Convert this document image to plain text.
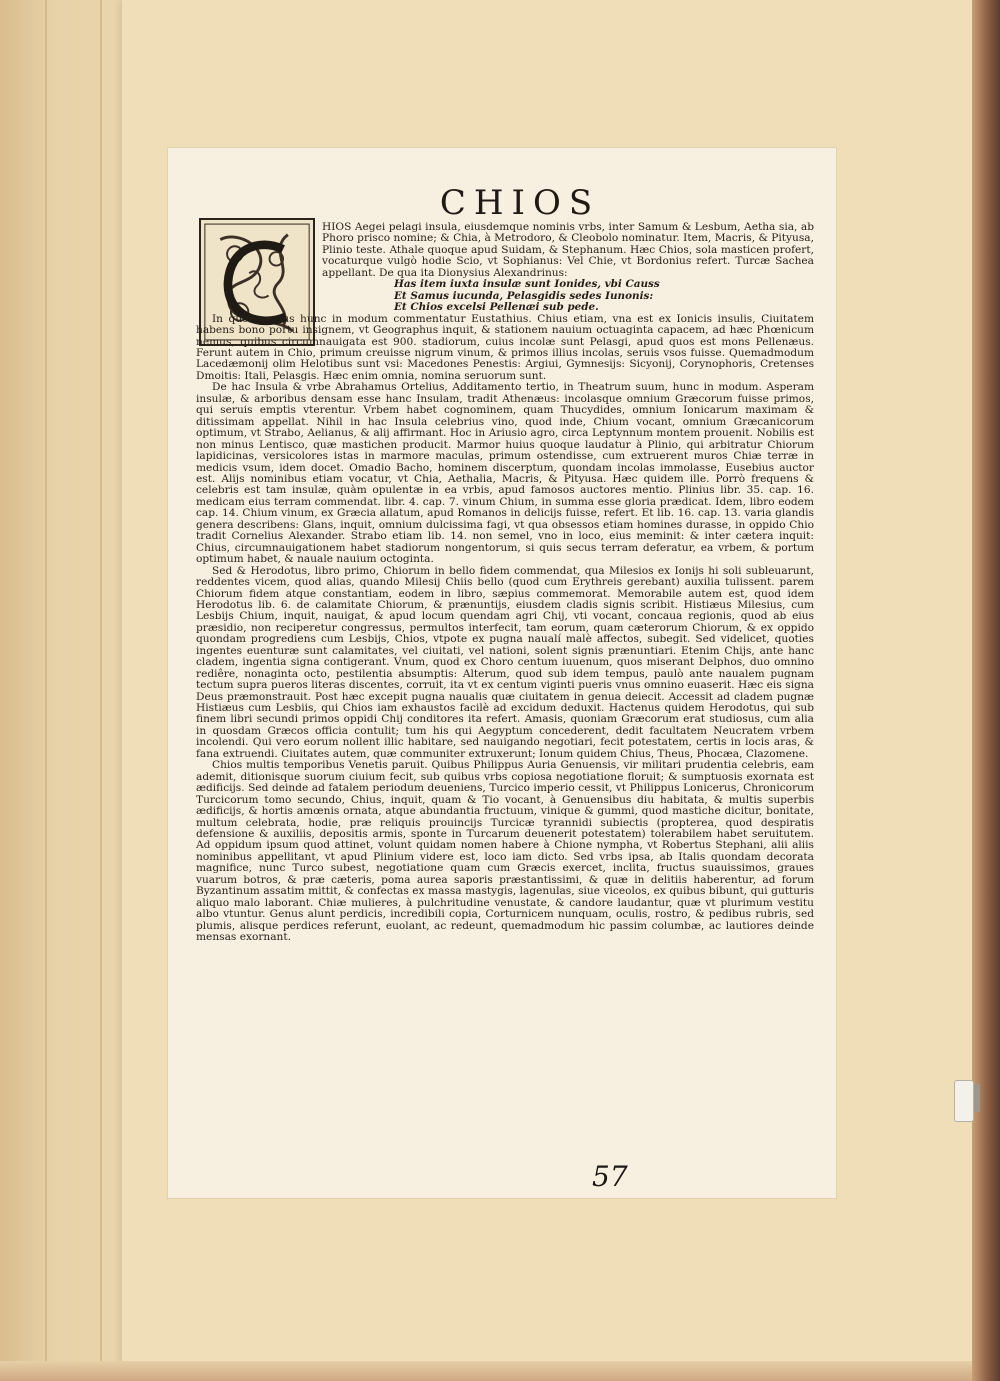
CHIOS

HIOS Aegei pelagi insula, eiusdemque nominis vrbs, inter Samum & Lesbum, Aetha sia, ab Phoro prisco nomine; & Chia, à Metrodoro, & Cleobolo nominatur. Item, Macris, & Pityusa, Plinio teste. Athale quoque apud Suidam, & Stephanum. Hæc Chios, sola masticen profert, vocaturque vulgò hodie Scio, vt Sophianus: Vel Chie, vt Bordonius refert. Turcæ Sachea appellant. De qua ita Dionysius Alexandrinus:

Has item iuxta insulæ sunt Ionides, vbi Causs

Et Samus iucunda, Pelasgidis sedes Iunonis:

Et Chios excelsi Pellenæi sub pede.

In quos versus hunc in modum commentatur Eustathius. Chius etiam, vna est ex Ionicis insulis, Ciuitatem habens bono portu insignem, vt Geographus inquit, & stationem nauium octuaginta capacem, ad hæc Phœnicum nemus, quibus circumnauigata est 900. stadiorum, cuius incolæ sunt Pelasgi, apud quos est mons Pellenæus. Ferunt autem in Chio, primum creuisse nigrum vinum, & primos illius incolas, seruis vsos fuisse. Quemadmodum Lacedæmonij olim Helotibus sunt vsi: Macedones Penestis: Argiui, Gymnesijs: Sicyonij, Corynophoris, Cretenses Dmoitis: Itali, Pelasgis. Hæc enim omnia, nomina seruorum sunt.

De hac Insula & vrbe Abrahamus Ortelius, Additamento tertio, in Theatrum suum, hunc in modum. Asperam insulæ, & arboribus densam esse hanc Insulam, tradit Athenæus: incolasque omnium Græcorum fuisse primos, qui seruis emptis vterentur. Vrbem habet cognominem, quam Thucydides, omnium Ionicarum maximam & ditissimam appellat. Nihil in hac Insula celebrius vino, quod inde, Chium vocant, omnium Græcanicorum optimum, vt Strabo, Aelianus, & alij affirmant. Hoc in Ariusio agro, circa Leptynnum montem prouenit. Nobilis est non minus Lentisco, quæ mastichen producit. Marmor huius quoque laudatur à Plinio, qui arbitratur Chiorum lapidicinas, versicolores istas in marmore maculas, primum ostendisse, cum extruerent muros Chiæ terræ in medicis vsum, idem docet. Omadio Bacho, hominem discerptum, quondam incolas immolasse, Eusebius auctor est. Alijs nominibus etiam vocatur, vt Chia, Aethalia, Macris, & Pityusa. Hæc quidem ille. Porrò frequens & celebris est tam insulæ, quàm opulentæ in ea vrbis, apud famosos auctores mentio. Plinius libr. 35. cap. 16. medicam eius terram commendat. libr. 4. cap. 7. vinum Chium, in summa esse gloria prædicat. Idem, libro eodem cap. 14. Chium vinum, ex Græcia allatum, apud Romanos in delicijs fuisse, refert. Et lib. 16. cap. 13. varia glandis genera describens: Glans, inquit, omnium dulcissima fagi, vt qua obsessos etiam homines durasse, in oppido Chio tradit Cornelius Alexander. Strabo etiam lib. 14. non semel, vno in loco, eius meminit: & inter cætera inquit: Chius, circumnauigationem habet stadiorum nongentorum, si quis secus terram deferatur, ea vrbem, & portum optimum habet, & nauale nauium octoginta.

Sed & Herodotus, libro primo, Chiorum in bello fidem commendat, qua Milesios ex Ionijs hi soli subleuarunt, reddentes vicem, quod alias, quando Milesij Chiis bello (quod cum Erythreis gerebant) auxilia tulissent. parem Chiorum fidem atque constantiam, eodem in libro, sæpius commemorat. Memorabile autem est, quod idem Herodotus lib. 6. de calamitate Chiorum, & prænuntijs, eiusdem cladis signis scribit. Histiæus Milesius, cum Lesbijs Chium, inquit, nauigat, & apud locum quendam agri Chij, vti vocant, concaua regionis, quod ab eius præsidio, non reciperetur congressus, permultos interfecit, tam eorum, quam cæterorum Chiorum, & ex oppido quondam progrediens cum Lesbijs, Chios, vtpote ex pugna naualí malè affectos, subegit. Sed videlicet, quoties ingentes euenturæ sunt calamitates, vel ciuitati, vel nationi, solent signis prænuntiari. Etenim Chijs, ante hanc cladem, ingentia signa contigerant. Vnum, quod ex Choro centum iuuenum, quos miserant Delphos, duo omnino rediêre, nonaginta octo, pestilentia absumptis: Alterum, quod sub idem tempus, paulò ante naualem pugnam tectum supra pueros literas discentes, corruit, ita vt ex centum viginti pueris vnus omnino euaserit. Hæc eis signa Deus præmonstrauit. Post hæc excepit pugna naualis quæ ciuitatem in genua deiecit. Accessit ad cladem pugnæ Histiæus cum Lesbiis, qui Chios iam exhaustos facilè ad excidum deduxit. Hactenus quidem Herodotus, qui sub finem libri secundi primos oppidi Chij conditores ita refert. Amasis, quoniam Græcorum erat studiosus, cum alia in quosdam Græcos officia contulit; tum his qui Aegyptum concederent, dedit facultatem Neucratem vrbem incolendi. Qui vero eorum nollent illic habitare, sed nauigando negotiari, fecit potestatem, certis in locis aras, & fana extruendi. Ciuitates autem, quæ communiter extruxerunt; Ionum quidem Chius, Theus, Phocæa, Clazomene.

Chios multis temporibus Venetis paruit. Quibus Philippus Auria Genuensis, vir militari prudentia celebris, eam ademit, ditionisque suorum ciuium fecit, sub quibus vrbs copiosa negotiatione floruit; & sumptuosis exornata est ædificijs. Sed deinde ad fatalem periodum deueniens, Turcico imperio cessit, vt Philippus Lonicerus, Chronicorum Turcicorum tomo secundo, Chius, inquit, quam & Tio vocant, à Genuensibus diu habitata, & multis superbis ædificijs, & hortis amœnis ornata, atque abundantia fructuum, vinique & gummi, quod mastiche dicitur, bonitate, multum celebrata, hodie, præ reliquis prouincijs Turcicæ tyrannidi subiectis (propterea, quod despiratis defensione & auxiliis, depositis armis, sponte in Turcarum deuenerit potestatem) tolerabilem habet seruitutem. Ad oppidum ipsum quod attinet, volunt quidam nomen habere à Chione nympha, vt Robertus Stephani, alii aliis nominibus appellitant, vt apud Plinium videre est, loco iam dicto. Sed vrbs ipsa, ab Italis quondam decorata magnifice, nunc Turco subest, negotiatione quam cum Græcis exercet, inclita, fructus suauissimos, graues vuarum botros, & præ cæteris, poma aurea saporis præstantissimi, & quæ in delitiis haberentur, ad forum Byzantinum assatim mittit, & confectas ex massa mastygis, lagenulas, siue viceolos, ex quibus bibunt, qui gutturis aliquo malo laborant. Chiæ mulieres, à pulchritudine venustate, & candore laudantur, quæ vt plurimum vestitu albo vtuntur. Genus alunt perdicis, incredibili copia, Corturnicem nunquam, oculis, rostro, & pedibus rubris, sed plumis, alisque perdices referunt, euolant, ac redeunt, quemadmodum hic passim columbæ, ac lautiores deinde mensas exornant.

57
